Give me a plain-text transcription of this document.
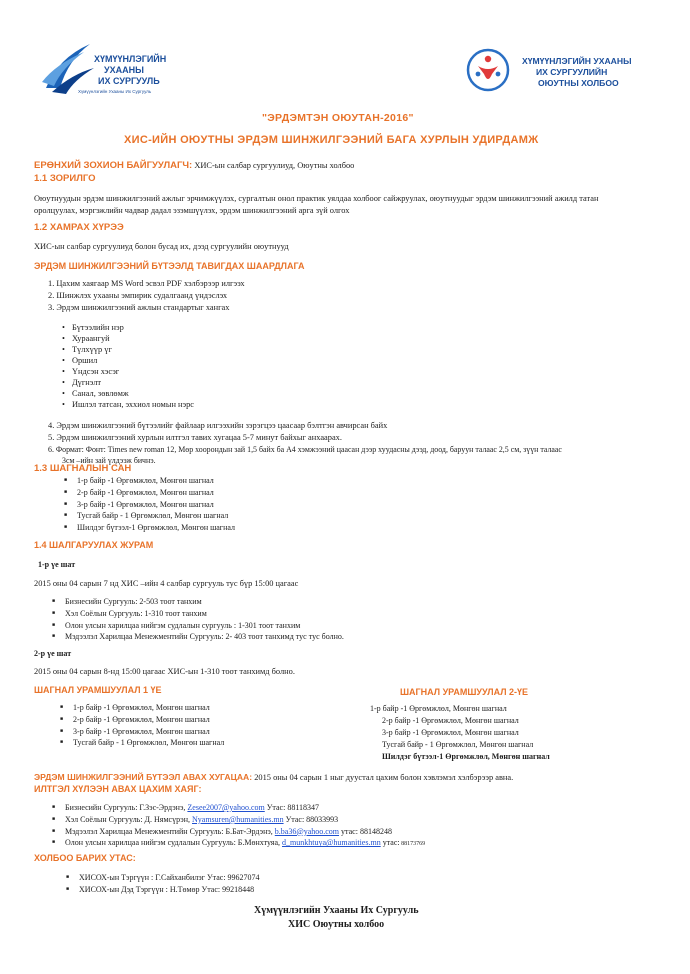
ХҮМҮҮНЛЭГИЙН
УХААНЫ
ИХ СУРГУУЛЬ
Хүмүүнлэгийн Ухааны Их Сургууль
ХҮМҮҮНЛЭГИЙН УХААНЫ
ИХ СУРГУУЛИЙН
ОЮУТНЫ ХОЛБОО
"ЭРДЭМТЭН ОЮУТАН-2016"
ХИС-ИЙН ОЮУТНЫ ЭРДЭМ ШИНЖИЛГЭЭНИЙ БАГА ХУРЛЫН УДИРДАМЖ
ЕРӨНХИЙ ЗОХИОН БАЙГУУЛАГЧ: ХИС-ын салбар сургуулиуд, Оюутны холбоо
1.1 ЗОРИЛГО
Оюутнуудын эрдэм шинжилгээний ажлыг эрчимжүүлэх, сургалтын онол практик уялдаа холбоог сайжруулах, оюутнуудыг эрдэм шинжилгээний ажилд татан
оролцуулах, мэргэжлийн чадвар дадал эзэмшүүлэх, эрдэм шинжилгээний арга зүй олгох
1.2 ХАМРАХ ХҮРЭЭ
ХИС-ын салбар сургуулиуд болон бусад их, дээд сургуулийн оюутнууд
ЭРДЭМ ШИНЖИЛГЭЭНИЙ БҮТЭЭЛД ТАВИГДАХ ШААРДЛАГА
1. Цахим хаягаар MS Word эсвэл PDF хэлбэрээр илгээх
2. Шинжлэх ухааны эмпирик судалгаанд үндэслэх
3. Эрдэм шинжилгээний ажлын стандартыг хангах
• Бүтээлийн нэр
• Хураангуй
• Түлхүүр үг
• Оршил
• Үндсэн хэсэг
• Дүгнэлт
• Санал, зөвлөмж
• Ишлэл татсан, эххиол номын нэрс
4. Эрдэм шинжилгээний бүтээлийг файлаар илгээхийн зэрэгцээ цаасаар бэлтгэн авчирсан байх
5. Эрдэм шинжилгээний хурлын илтгэл тавих хугацаа 5-7 минут байхыг анхаарах.
6. Формат: Фонт: Times new roman 12, Мөр хоорондын зай 1,5 байх ба А4 хэмжээний цаасан дээр хуудасны дээд, доод, баруун талаас 2,5 см, зүүн талаас
3см –ийн зай үлдээж бичнэ.
1.3 ШАГНАЛЫН САН
■ 1-р байр -1 Өргөмжлөл, Мөнгөн шагнал
■ 2-р байр -1 Өргөмжлөл, Мөнгөн шагнал
■ 3-р байр -1 Өргөмжлөл, Мөнгөн шагнал
■ Тусгай байр - 1 Өргөмжлөл, Мөнгөн шагнал
■ Шилдэг бүтээл-1 Өргөмжлөл, Мөнгөн шагнал
1.4 ШАЛГАРУУЛАХ ЖУРАМ
1-р үе шат
2015 оны 04 сарын 7 нд ХИС –ийн 4 салбар сургууль тус бүр 15:00 цагаас
■ Бизнесийн Сургууль: 2-503 тоот танхим
■ Хэл Соёлын Сургууль: 1-310 тоот танхим
■ Олон улсын харилцаа нийгэм судлалын сургууль : 1-301 тоот танхим
■ Мэдээлэл Харилцаа Менежментийн Сургууль: 2- 403 тоот танхимд тус тус болно.
2-р үе шат
2015 оны 04 сарын 8-нд 15:00 цагаас ХИС-ын 1-310 тоот танхимд болно.
ШАГНАЛ УРАМШУУЛАЛ 1 ҮЕ
■ 1-р байр -1 Өргөмжлөл, Мөнгөн шагнал
■ 2-р байр -1 Өргөмжлөл, Мөнгөн шагнал
■ 3-р байр -1 Өргөмжлөл, Мөнгөн шагнал
■ Тусгай байр - 1 Өргөмжлөл, Мөнгөн шагнал
ШАГНАЛ УРАМШУУЛАЛ 2-ҮЕ
1-р байр -1 Өргөмжлөл, Мөнгөн шагнал
2-р байр -1 Өргөмжлөл, Мөнгөн шагнал
3-р байр -1 Өргөмжлөл, Мөнгөн шагнал
Тусгай байр - 1 Өргөмжлөл, Мөнгөн шагнал
Шилдэг бүтээл-1 Өргөмжлөл, Мөнгөн шагнал
ЭРДЭМ ШИНЖИЛГЭЭНИЙ БҮТЭЭЛ АВАХ ХУГАЦАА: 2015 оны 04 сарын 1 ныг дуустал цахим болон хэвлэмэл хэлбэрээр авна.
ИЛТГЭЛ ХҮЛЭЭН АВАХ ЦАХИМ ХАЯГ:
■ Бизнесийн Сургууль: Г.Зэс-Эрдэнэ, Zesee2007@yahoo.com Утас: 88118347
■ Хэл Соёлын Сургууль: Д. Нямсүрэн, Nyamsuren@humanities.mn Утас: 88033993
■ Мэдээлэл Харилцаа Менежментийн Сургууль: Б.Бат-Эрдэнэ, b.ba36@yahoo.com утас: 88148248
■ Олон улсын харилцаа нийгэм судлалын Сургууль: Б.Мөнхтуяа, d_munkhtuya@humanities.mn утас: 88173769
ХОЛБОО БАРИХ УТАС:
■ ХИСОХ-ын Тэргүүн : Г.Сайханбилэг Утас: 99627074
■ ХИСОХ-ын Дэд Тэргүүн : Н.Төмөр Утас: 99218448
Хүмүүнлэгийн Ухааны Их Сургууль
ХИС Оюутны холбоо
